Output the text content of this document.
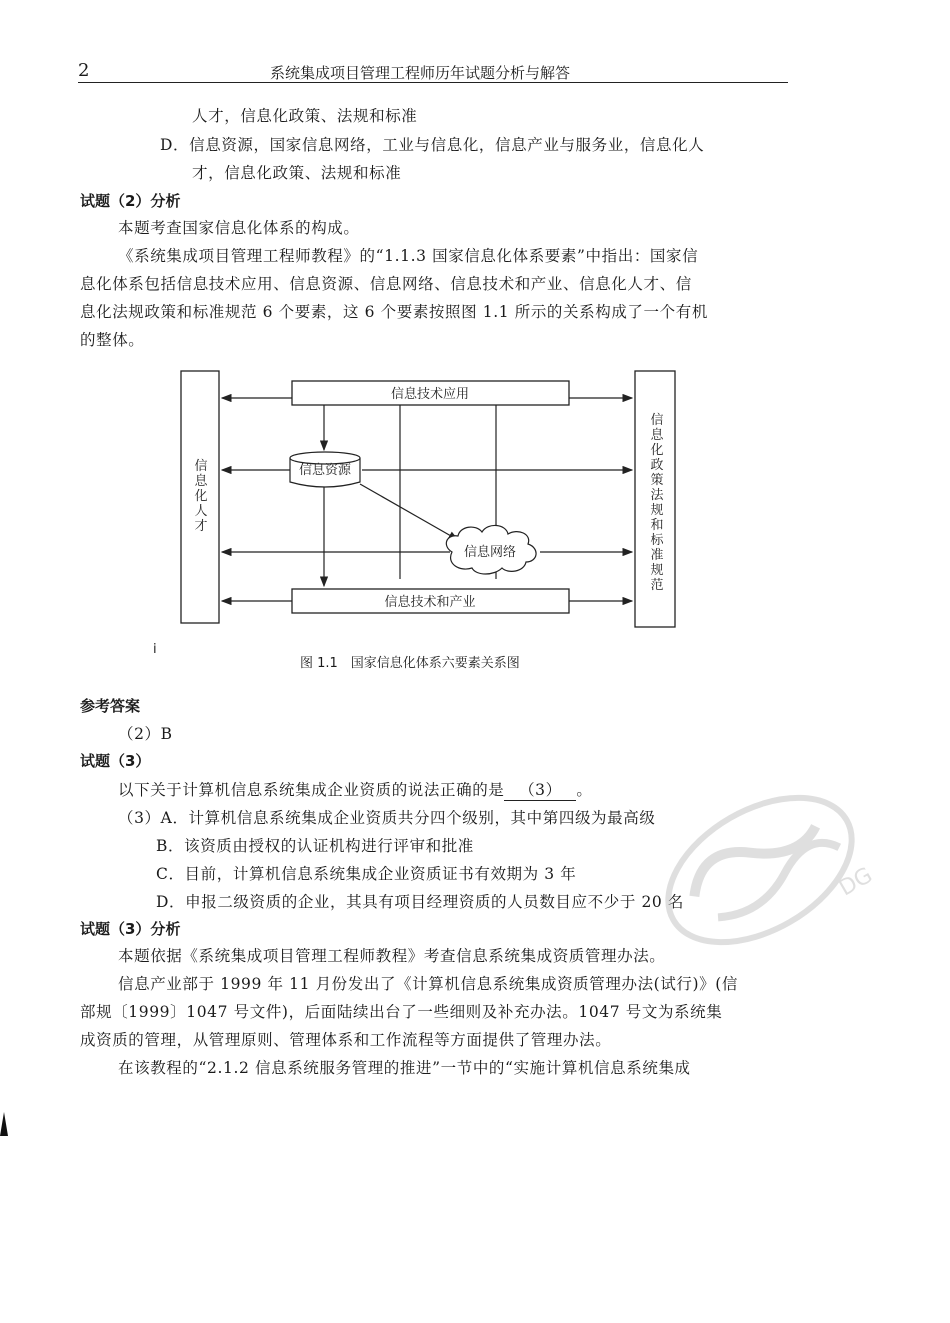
2	系统集成项目管理工程师历年试题分析与解答
人才，信息化政策、法规和标准
D．信息资源，国家信息网络，工业与信息化，信息产业与服务业，信息化人
才，信息化政策、法规和标准
试题（2）分析
本题考查国家信息化体系的构成。
《系统集成项目管理工程师教程》的“1.1.3 国家信息化体系要素”中指出：国家信
息化体系包括信息技术应用、信息资源、信息网络、信息技术和产业、信息化人才、信
息化法规政策和标准规范 6 个要素，这 6 个要素按照图 1.1 所示的关系构成了一个有机
的整体。
信息资源
信息网络
信息技术应用
信息技术和产业
信
息
化
人
才
信
息
化
政
策
法
规
和
标
准
规
范
i
图 1.1　国家信息化体系六要素关系图
参考答案
（2）B
试题（3）
以下关于计算机信息系统集成企业资质的说法正确的是 （3） 。
（3）A．计算机信息系统集成企业资质共分四个级别，其中第四级为最高级
B．该资质由授权的认证机构进行评审和批准
C．目前，计算机信息系统集成企业资质证书有效期为 3 年
D．申报二级资质的企业，其具有项目经理资质的人员数目应不少于 20 名
试题（3）分析
本题依据《系统集成项目管理工程师教程》考查信息系统集成资质管理办法。
信息产业部于 1999 年 11 月份发出了《计算机信息系统集成资质管理办法(试行)》(信
部规〔1999〕1047 号文件)，后面陆续出台了一些细则及补充办法。1047 号文为系统集
成资质的管理，从管理原则、管理体系和工作流程等方面提供了管理办法。
在该教程的“2.1.2 信息系统服务管理的推进”一节中的“实施计算机信息系统集成
DG
